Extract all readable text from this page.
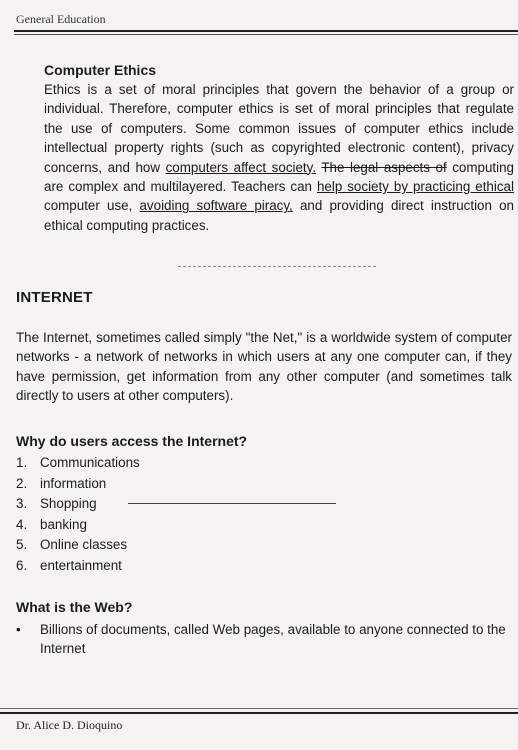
General Education
Computer Ethics

Ethics is a set of moral principles that govern the behavior of a group or individual. Therefore, computer ethics is set of moral principles that regulate the use of computers. Some common issues of computer ethics include intellectual property rights (such as copyrighted electronic content), privacy concerns, and how computers affect society. The legal aspects of computing are complex and multilayered. Teachers can help society by practicing ethical computer use, avoiding software piracy, and providing direct instruction on ethical computing practices.

INTERNET

The Internet, sometimes called simply "the Net," is a worldwide system of computer networks - a network of networks in which users at any one computer can, if they have permission, get information from any other computer (and sometimes talk directly to users at other computers).

Why do users access the Internet?
1. Communications
2. information
3. Shopping
4. banking
5. Online classes
6. entertainment
What is the Web?
•	Billions of documents, called Web pages, available to anyone connected to the Internet
Dr. Alice D. Dioquino
